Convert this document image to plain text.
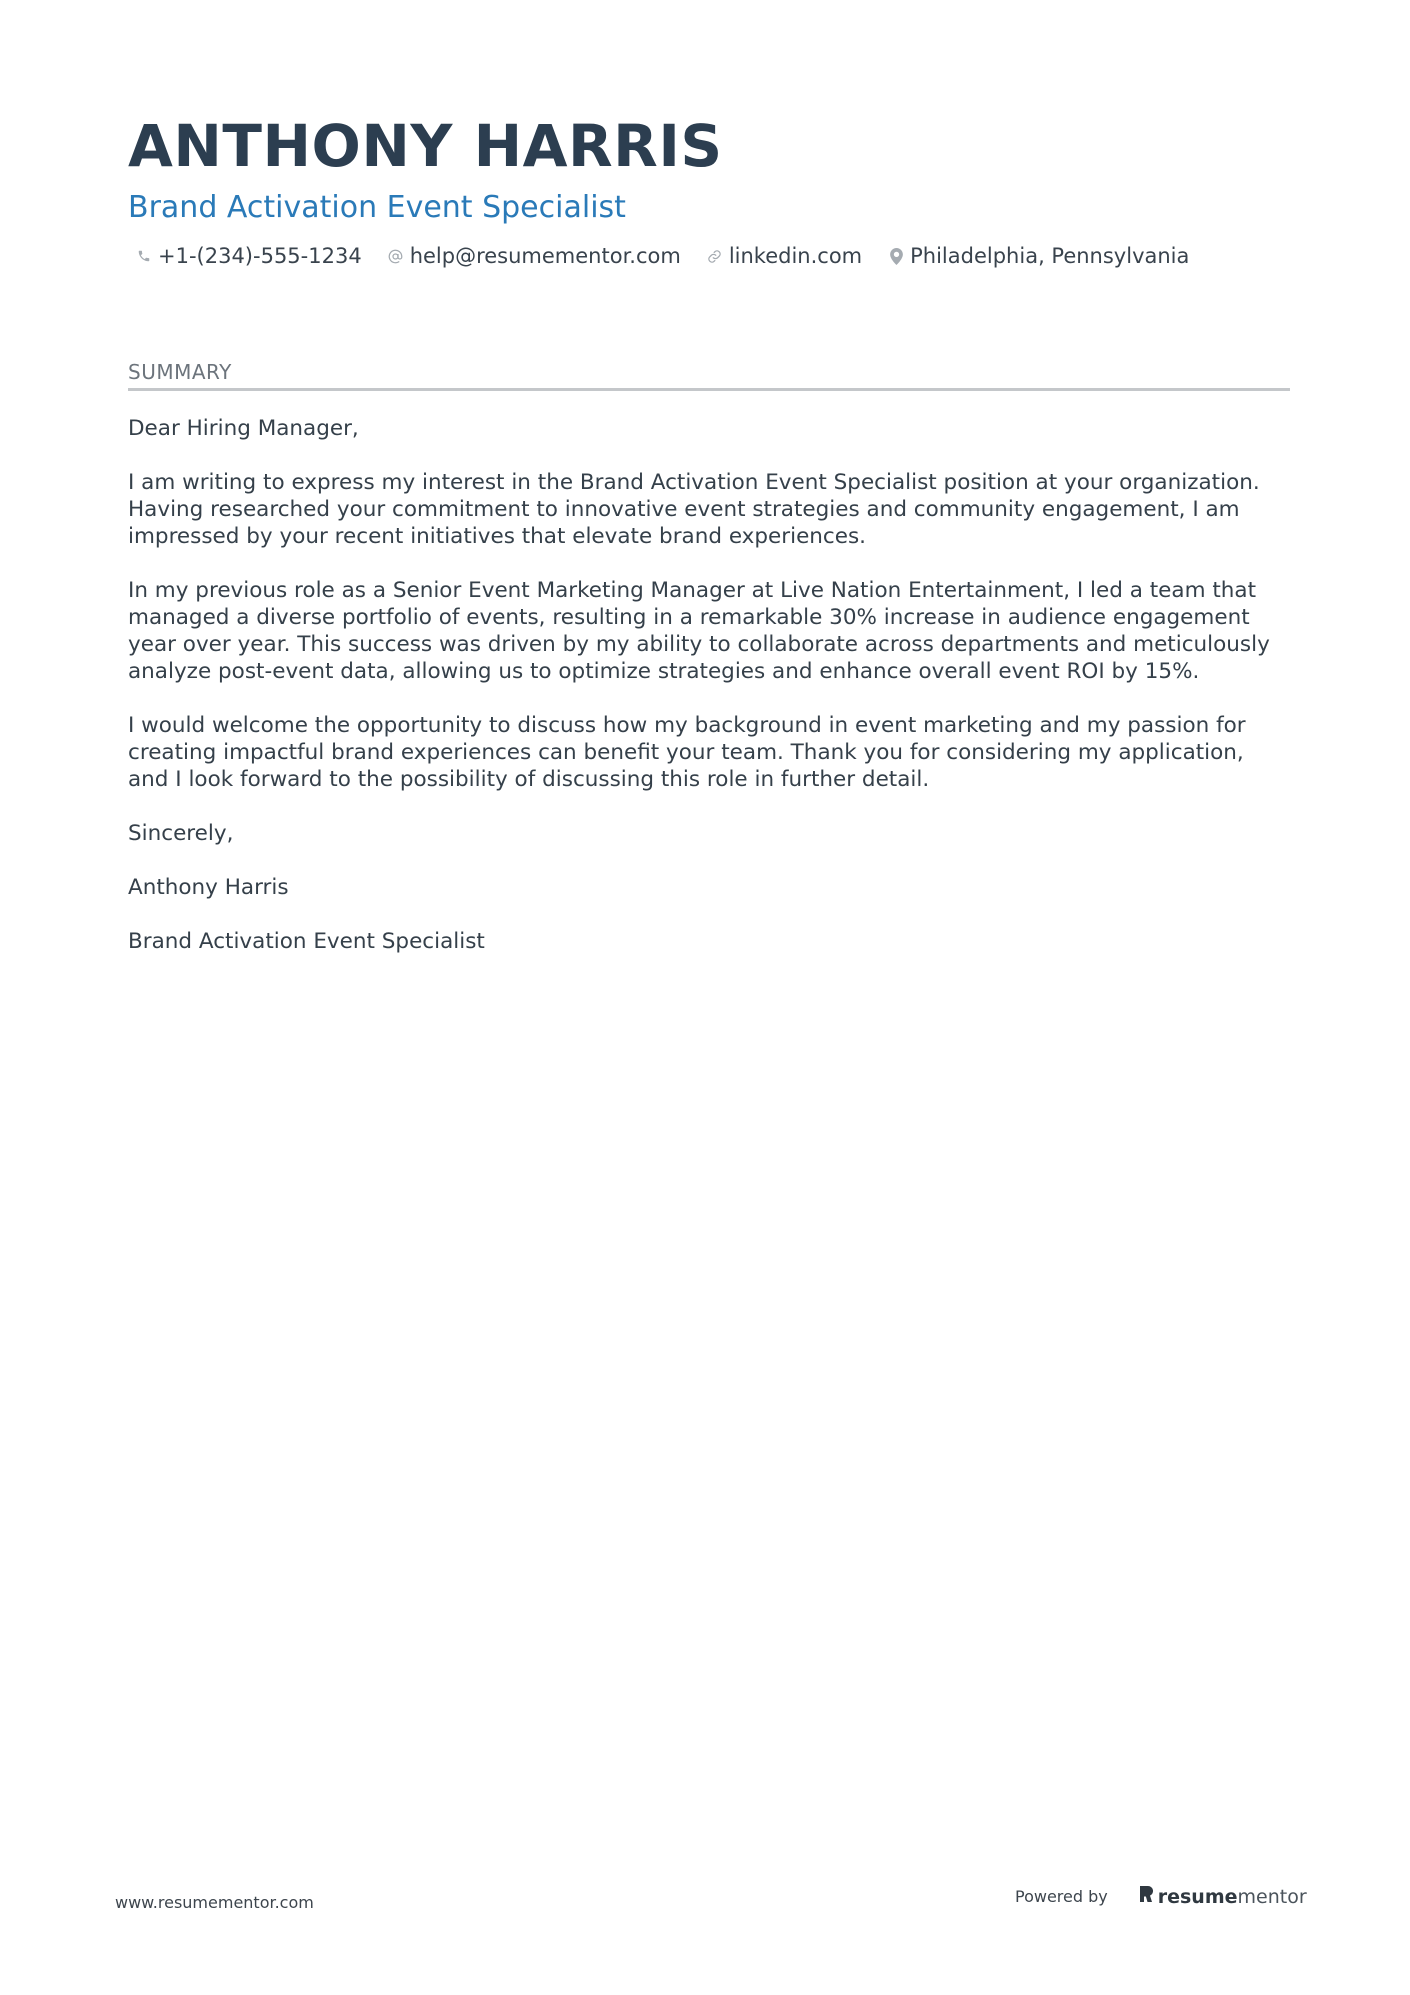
ANTHONY HARRIS
Brand Activation Event Specialist
+1-(234)-555-1234 help@resumementor.com linkedin.com Philadelphia, Pennsylvania
SUMMARY

Dear Hiring Manager,

I am writing to express my interest in the Brand Activation Event Specialist position at your organization. Having researched your commitment to innovative event strategies and community engagement, I am impressed by your recent initiatives that elevate brand experiences.

In my previous role as a Senior Event Marketing Manager at Live Nation Entertainment, I led a team that managed a diverse portfolio of events, resulting in a remarkable 30% increase in audience engagement year over year. This success was driven by my ability to collaborate across departments and meticulously analyze post-event data, allowing us to optimize strategies and enhance overall event ROI by 15%.

I would welcome the opportunity to discuss how my background in event marketing and my passion for creating impactful brand experiences can benefit your team. Thank you for considering my application, and I look forward to the possibility of discussing this role in further detail.

Sincerely,

Anthony Harris

Brand Activation Event Specialist

www.resumementor.com	Powered by	resume mentor
